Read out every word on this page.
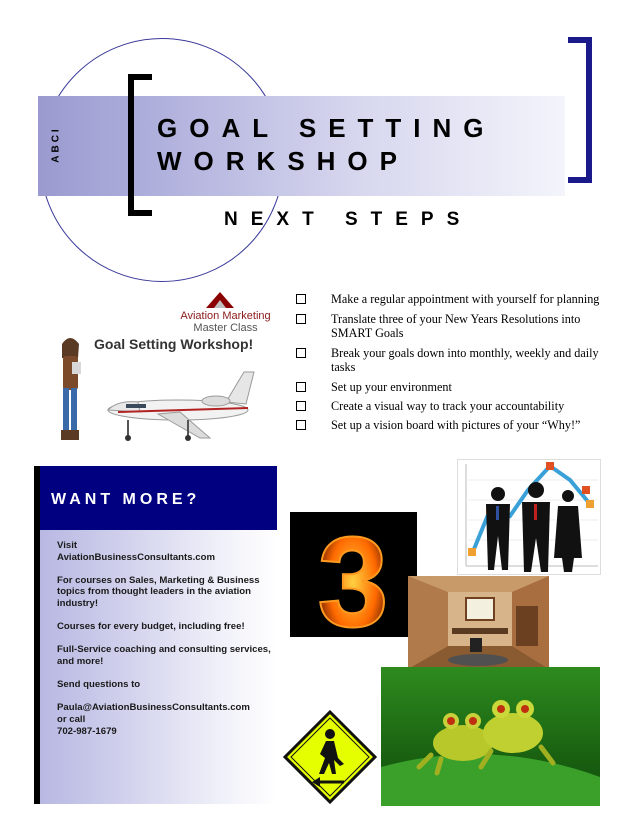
ABCI	GOAL SETTING
WORKSHOP
NEXT STEPS
Aviation Marketing
Master Class
Goal Setting Workshop!
Make a regular appointment with yourself for planning
Translate three of your New Years Resolutions into SMART Goals
Break your goals down into monthly, weekly and daily tasks
Set up your environment
Create a visual way to track your accountability
Set up a vision board with pictures of your “Why!”
WANT MORE?

Visit
AviationBusinessConsultants.com

For courses on Sales, Marketing & Business topics from thought leaders in the aviation industry!

Courses for every budget, including free!

Full-Service coaching and consulting services, and more!

Send questions to

Paula@AviationBusinessConsultants.com
or call
702-987-1679

3
